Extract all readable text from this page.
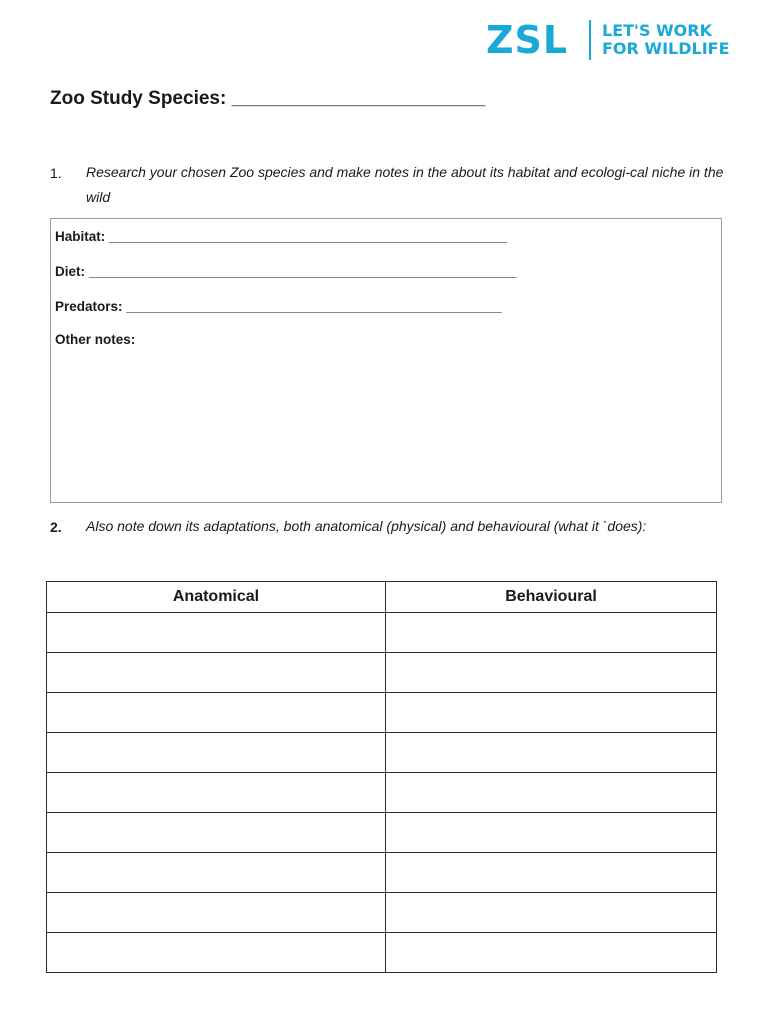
ZSL LET'S WORK
FOR WILDLIFE
Zoo Study Species: ________________________
1. Research your chosen Zoo species and make notes in the about its habitat and ecologi-cal niche in the wild
Habitat: _____________________________________________________
Diet: _________________________________________________________
Predators: __________________________________________________
Other notes:
2. Also note down its adaptations, both anatomical (physical) and behavioural (what it `does):
Anatomical	Behavioural
